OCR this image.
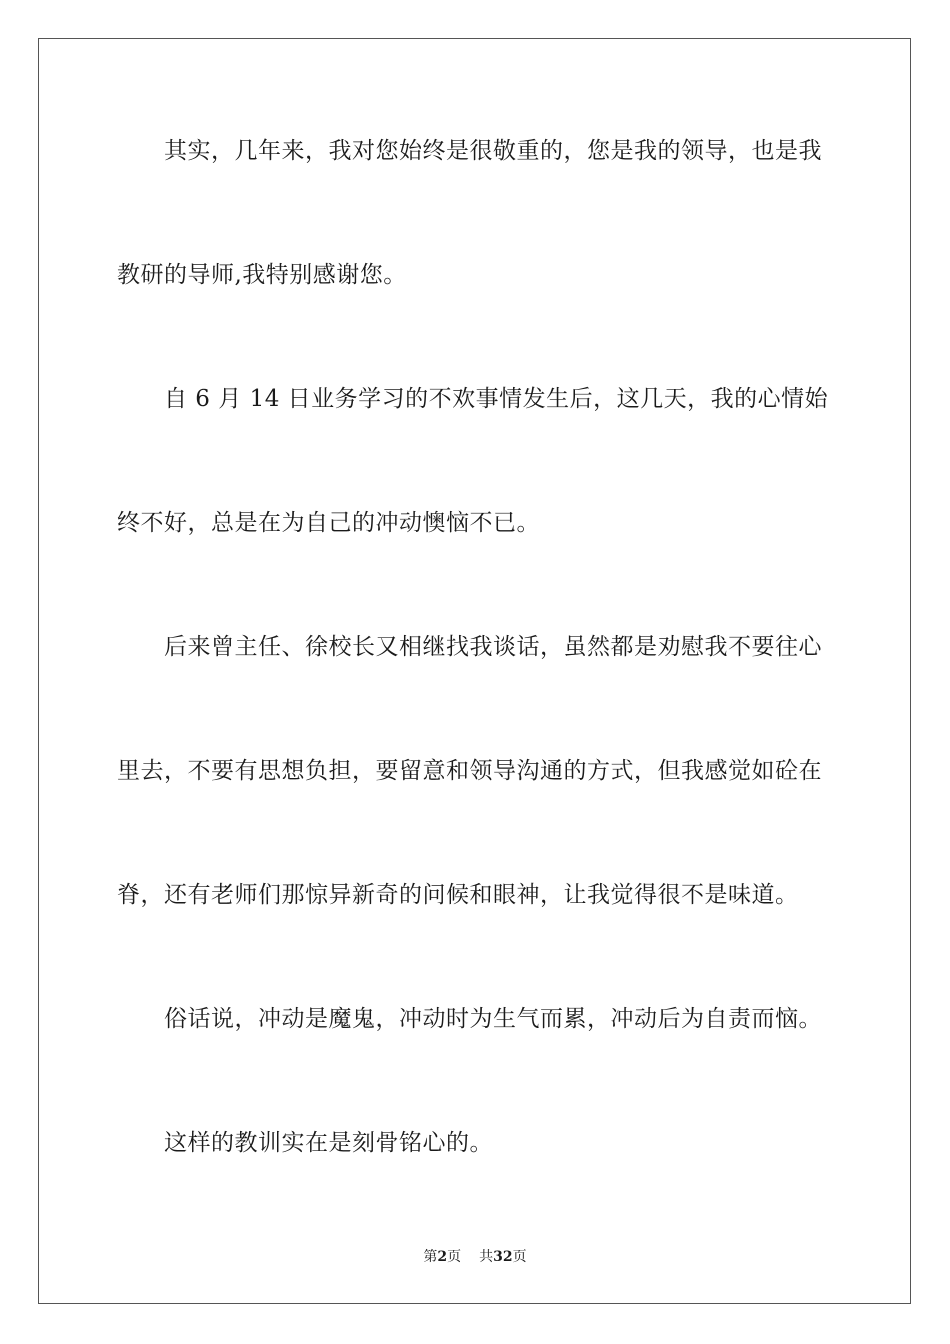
其实，几年来，我对您始终是很敬重的，您是我的领导，也是我
教研的导师,我特别感谢您。
自 6 月 14 日业务学习的不欢事情发生后，这几天，我的心情始
终不好，总是在为自己的冲动懊恼不已。
后来曾主任、徐校长又相继找我谈话，虽然都是劝慰我不要往心
里去，不要有思想负担，要留意和领导沟通的方式，但我感觉如砼在
脊，还有老师们那惊异新奇的问候和眼神，让我觉得很不是味道。
俗话说，冲动是魔鬼，冲动时为生气而累，冲动后为自责而恼。
这样的教训实在是刻骨铭心的。
第2页 共32页
